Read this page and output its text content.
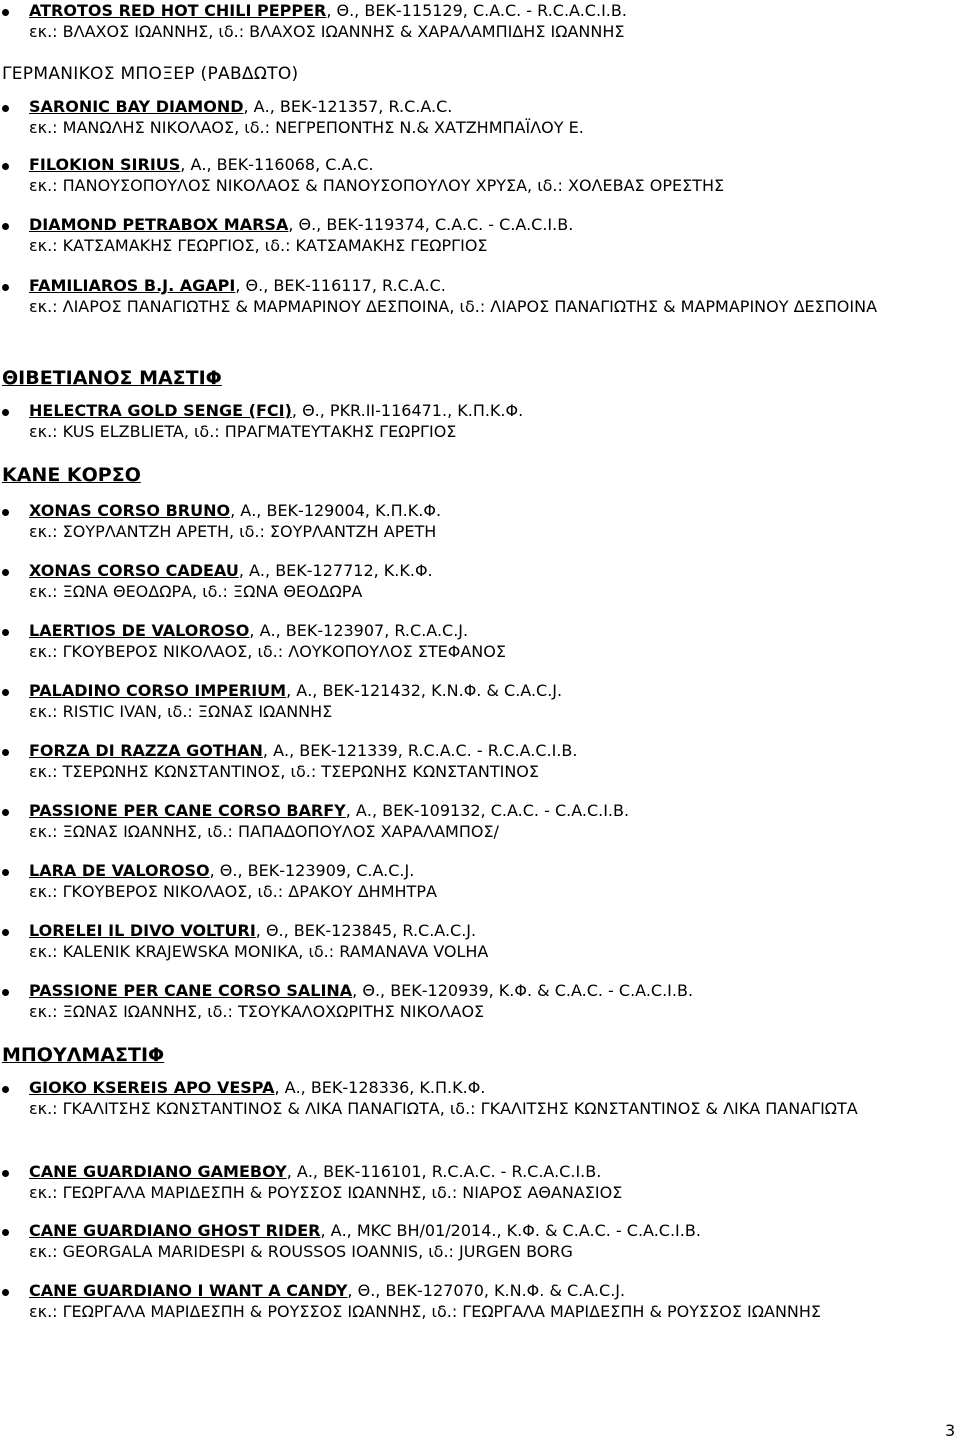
ATROTOS RED HOT CHILI PEPPER, Θ., ΒΕΚ-115129, C.A.C. - R.C.A.C.I.B.
εκ.: ΒΛΑΧΟΣ ΙΩΑΝΝΗΣ, ιδ.: ΒΛΑΧΟΣ ΙΩΑΝΝΗΣ & ΧΑΡΑΛΑΜΠΙΔΗΣ ΙΩΑΝΝΗΣ
ΓΕΡΜΑΝΙΚΟΣ ΜΠΟΞΕΡ (ΡΑΒΔΩΤΟ)
SARONIC BAY DIAMOND, Α., ΒΕΚ-121357, R.C.A.C.
εκ.: ΜΑΝΩΛΗΣ ΝΙΚΟΛΑΟΣ, ιδ.: ΝΕΓΡΕΠΟΝΤΗΣ Ν.& ΧΑΤΖΗΜΠΑΪΛΟΥ Ε.
FILOKION SIRIUS, Α., ΒΕΚ-116068, C.A.C.
εκ.: ΠΑΝΟΥΣΟΠΟΥΛΟΣ ΝΙΚΟΛΑΟΣ & ΠΑΝΟΥΣΟΠΟΥΛΟΥ ΧΡΥΣΑ, ιδ.: ΧΟΛΕΒΑΣ ΟΡΕΣΤΗΣ
DIAMOND PETRABOX MARSA, Θ., ΒΕΚ-119374, C.A.C. - C.A.C.I.B.
εκ.: ΚΑΤΣΑΜΑΚΗΣ ΓΕΩΡΓΙΟΣ, ιδ.: ΚΑΤΣΑΜΑΚΗΣ ΓΕΩΡΓΙΟΣ
FAMILIAROS B.J. AGAPI, Θ., ΒΕΚ-116117, R.C.A.C.
εκ.: ΛΙΑΡΟΣ ΠΑΝΑΓΙΩΤΗΣ & ΜΑΡΜΑΡΙΝΟΥ ΔΕΣΠΟΙΝΑ, ιδ.: ΛΙΑΡΟΣ ΠΑΝΑΓΙΩΤΗΣ & ΜΑΡΜΑΡΙΝΟΥ ΔΕΣΠΟΙΝΑ
ΘΙΒΕΤΙΑΝΟΣ ΜΑΣΤΙΦ
HELECTRA GOLD SENGE (FCI), Θ., PKR.II-116471., Κ.Π.Κ.Φ.
εκ.: KUS ELZBLIETA, ιδ.: ΠΡΑΓΜΑΤΕΥΤΑΚΗΣ ΓΕΩΡΓΙΟΣ
ΚΑΝΕ ΚΟΡΣΟ
XONAS CORSO BRUNO, Α., ΒΕΚ-129004, Κ.Π.Κ.Φ.
εκ.: ΣΟΥΡΛΑΝΤΖΗ ΑΡΕΤΗ, ιδ.: ΣΟΥΡΛΑΝΤΖΗ ΑΡΕΤΗ
XONAS CORSO CADEAU, Α., ΒΕΚ-127712, Κ.Κ.Φ.
εκ.: ΞΩΝΑ ΘΕΟΔΩΡΑ, ιδ.: ΞΩΝΑ ΘΕΟΔΩΡΑ
LAERTIOS DE VALOROSO, Α., ΒΕΚ-123907, R.C.A.C.J.
εκ.: ΓΚΟΥΒΕΡΟΣ ΝΙΚΟΛΑΟΣ, ιδ.: ΛΟΥΚΟΠΟΥΛΟΣ ΣΤΕΦΑΝΟΣ
PALADINO CORSO IMPERIUM, Α., ΒΕΚ-121432, Κ.Ν.Φ. & C.A.C.J.
εκ.: RISTIC IVAN, ιδ.: ΞΩΝΑΣ ΙΩΑΝΝΗΣ
FORZA DI RAZZA GOTHAN, Α., ΒΕΚ-121339, R.C.A.C. - R.C.A.C.I.B.
εκ.: ΤΣΕΡΩΝΗΣ ΚΩΝΣΤΑΝΤΙΝΟΣ, ιδ.: ΤΣΕΡΩΝΗΣ ΚΩΝΣΤΑΝΤΙΝΟΣ
PASSIONE PER CANE CORSO BARFY, Α., ΒΕΚ-109132, C.A.C. - C.A.C.I.B.
εκ.: ΞΩΝΑΣ ΙΩΑΝΝΗΣ, ιδ.: ΠΑΠΑΔΟΠΟΥΛΟΣ ΧΑΡΑΛΑΜΠΟΣ/
LARA DE VALOROSO, Θ., ΒΕΚ-123909, C.A.C.J.
εκ.: ΓΚΟΥΒΕΡΟΣ ΝΙΚΟΛΑΟΣ, ιδ.: ΔΡΑΚΟΥ ΔΗΜΗΤΡΑ
LORELEI IL DIVO VOLTURI, Θ., ΒΕΚ-123845, R.C.A.C.J.
εκ.: KALENIK KRAJEWSKA MONIKA, ιδ.: RAMANAVA VOLHA
PASSIONE PER CANE CORSO SALINA, Θ., ΒΕΚ-120939, Κ.Φ. & C.A.C. - C.A.C.I.B.
εκ.: ΞΩΝΑΣ ΙΩΑΝΝΗΣ, ιδ.: ΤΣΟΥΚΑΛΟΧΩΡΙΤΗΣ ΝΙΚΟΛΑΟΣ
ΜΠΟΥΛΜΑΣΤΙΦ
GIOKO KSEREIS APO VESPA, Α., ΒΕΚ-128336, Κ.Π.Κ.Φ.
εκ.: ΓΚΑΛΙΤΣΗΣ ΚΩΝΣΤΑΝΤΙΝΟΣ & ΛΙΚΑ ΠΑΝΑΓΙΩΤΑ, ιδ.: ΓΚΑΛΙΤΣΗΣ ΚΩΝΣΤΑΝΤΙΝΟΣ & ΛΙΚΑ ΠΑΝΑΓΙΩΤΑ
CANE GUARDIANO GAMEBOY, Α., ΒΕΚ-116101, R.C.A.C. - R.C.A.C.I.B.
εκ.: ΓΕΩΡΓΑΛΑ ΜΑΡΙΔΕΣΠΗ & ΡΟΥΣΣΟΣ ΙΩΑΝΝΗΣ, ιδ.: ΝΙΑΡΟΣ ΑΘΑΝΑΣΙΟΣ
CANE GUARDIANO GHOST RIDER, Α., MKC BH/01/2014., Κ.Φ. & C.A.C. - C.A.C.I.B.
εκ.: GEORGALA MARIDESPI & ROUSSOS IOANNIS, ιδ.: JURGEN BORG
CANE GUARDIANO I WANT A CANDY, Θ., ΒΕΚ-127070, Κ.Ν.Φ. & C.A.C.J.
εκ.: ΓΕΩΡΓΑΛΑ ΜΑΡΙΔΕΣΠΗ & ΡΟΥΣΣΟΣ ΙΩΑΝΝΗΣ, ιδ.: ΓΕΩΡΓΑΛΑ ΜΑΡΙΔΕΣΠΗ & ΡΟΥΣΣΟΣ ΙΩΑΝΝΗΣ
3
